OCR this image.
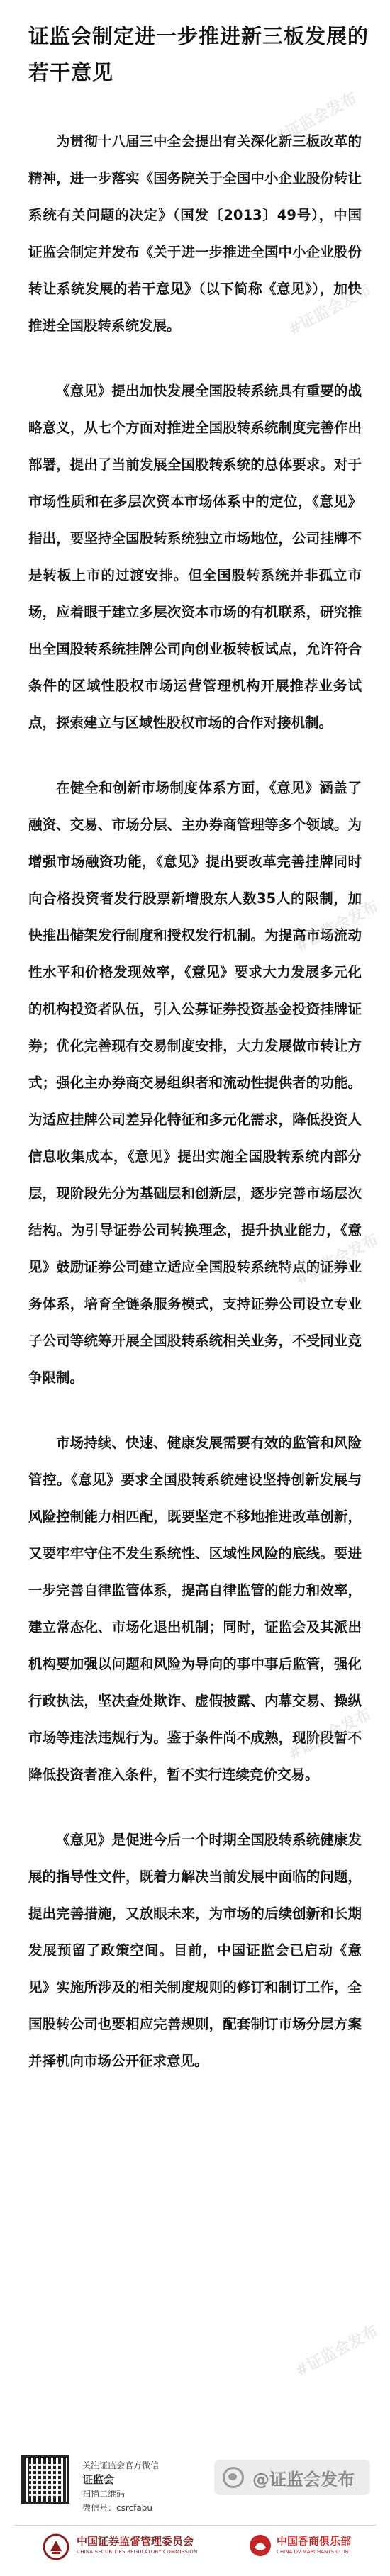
证监会制定进一步推进新三板发展的若干意见

为贯彻十八届三中全会提出有关深化新三板改革的精神，进一步落实《国务院关于全国中小企业股份转让系统有关问题的决定》（国发〔2013〕49号），中国证监会制定并发布《关于进一步推进全国中小企业股份转让系统发展的若干意见》（以下简称《意见》），加快推进全国股转系统发展。

《意见》提出加快发展全国股转系统具有重要的战略意义，从七个方面对推进全国股转系统制度完善作出部署，提出了当前发展全国股转系统的总体要求。对于市场性质和在多层次资本市场体系中的定位，《意见》指出，要坚持全国股转系统独立市场地位，公司挂牌不是转板上市的过渡安排。但全国股转系统并非孤立市场，应着眼于建立多层次资本市场的有机联系，研究推出全国股转系统挂牌公司向创业板转板试点，允许符合条件的区域性股权市场运营管理机构开展推荐业务试点，探索建立与区域性股权市场的合作对接机制。

在健全和创新市场制度体系方面，《意见》涵盖了融资、交易、市场分层、主办券商管理等多个领域。为增强市场融资功能，《意见》提出要改革完善挂牌同时向合格投资者发行股票新增股东人数35人的限制，加快推出储架发行制度和授权发行机制。为提高市场流动性水平和价格发现效率，《意见》要求大力发展多元化的机构投资者队伍，引入公募证券投资基金投资挂牌证券；优化完善现有交易制度安排，大力发展做市转让方式；强化主办券商交易组织者和流动性提供者的功能。为适应挂牌公司差异化特征和多元化需求，降低投资人信息收集成本，《意见》提出实施全国股转系统内部分层，现阶段先分为基础层和创新层，逐步完善市场层次结构。为引导证券公司转换理念，提升执业能力，《意见》鼓励证券公司建立适应全国股转系统特点的证券业务体系，培育全链条服务模式，支持证券公司设立专业子公司等统筹开展全国股转系统相关业务，不受同业竞争限制。

市场持续、快速、健康发展需要有效的监管和风险管控。《意见》要求全国股转系统建设坚持创新发展与风险控制能力相匹配，既要坚定不移地推进改革创新，又要牢牢守住不发生系统性、区域性风险的底线。要进一步完善自律监管体系，提高自律监管的能力和效率，建立常态化、市场化退出机制；同时，证监会及其派出机构要加强以问题和风险为导向的事中事后监管，强化行政执法，坚决查处欺诈、虚假披露、内幕交易、操纵市场等违法违规行为。鉴于条件尚不成熟，现阶段暂不降低投资者准入条件，暂不实行连续竞价交易。

《意见》是促进今后一个时期全国股转系统健康发展的指导性文件，既着力解决当前发展中面临的问题，提出完善措施，又放眼未来，为市场的后续创新和长期发展预留了政策空间。目前，中国证监会已启动《意见》实施所涉及的相关制度规则的修订和制订工作，全国股转公司也要相应完善规则，配套制订市场分层方案并择机向市场公开征求意见。

#证监会发布
#证监会发布
#证监会发布
#证监会发布
#证监会发布
#证监会发布
关注证监会官方微信
证监会
扫描二维码
微信号：csrcfabu
@证监会发布
中国证券监督管理委员会
CHINA SECURITIES REGULATORY COMMISSION
中国香商俱乐部
CHINA DV MARCHANTS CLUB
